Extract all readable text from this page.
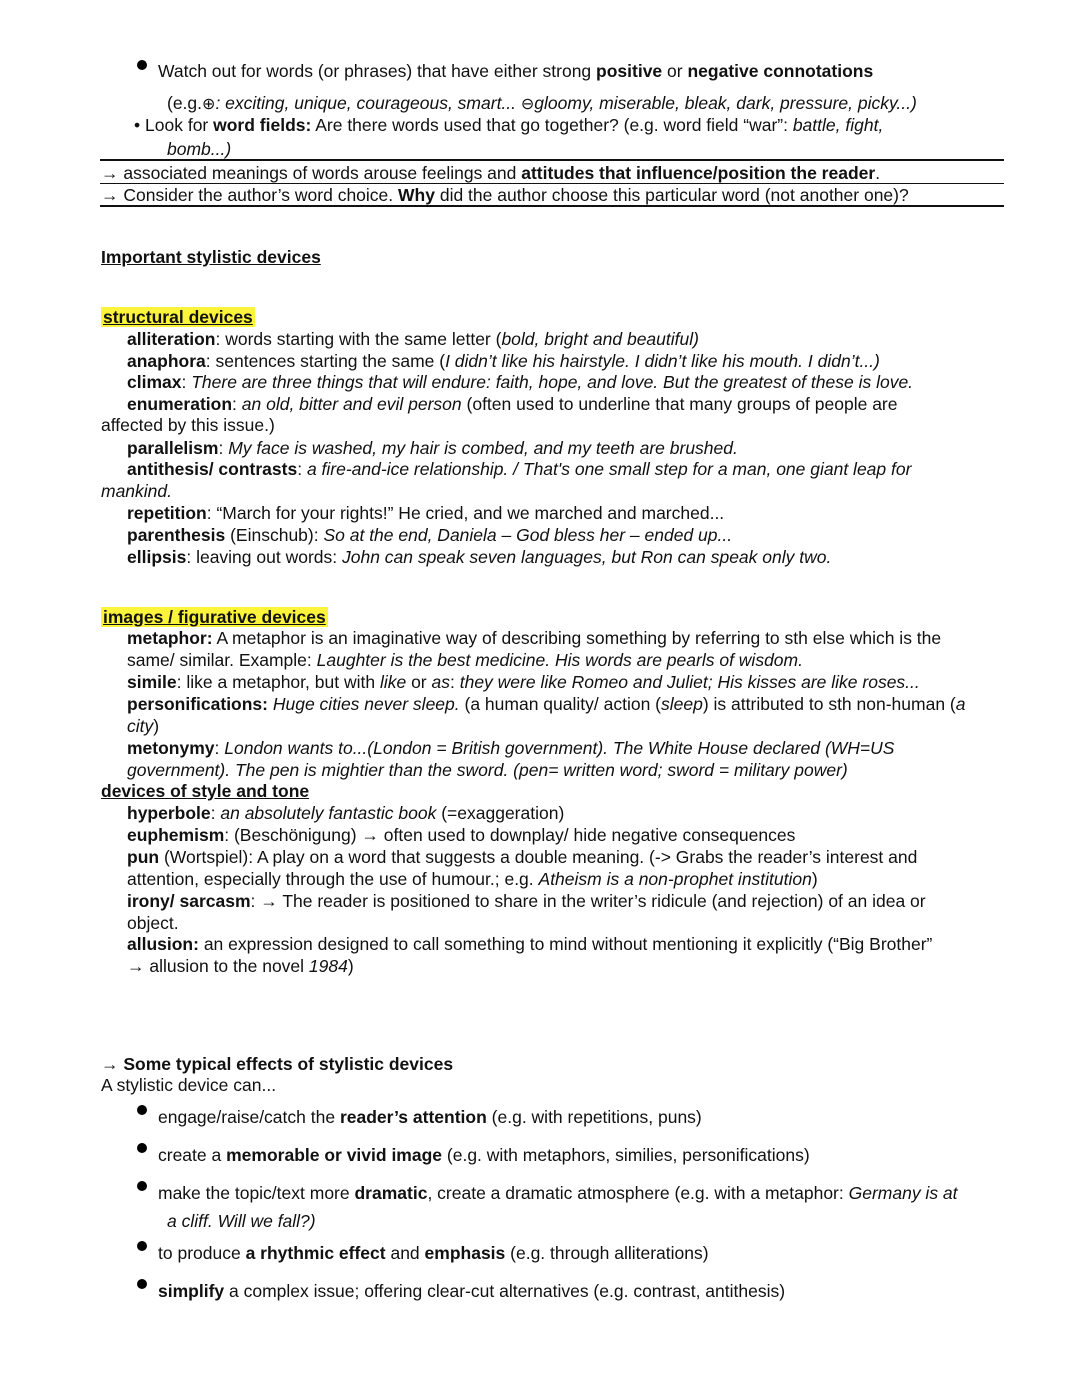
Watch out for words (or phrases) that have either strong positive or negative connotations
(e.g.⊕: exciting, unique, courageous, smart... ⊖gloomy, miserable, bleak, dark, pressure, picky...)
• Look for word fields: Are there words used that go together? (e.g. word field “war”: battle, fight,
bomb...)
→ associated meanings of words arouse feelings and attitudes that influence/position the reader.
→ Consider the author’s word choice. Why did the author choose this particular word (not another one)?
Important stylistic devices
structural devices
alliteration: words starting with the same letter (bold, bright and beautiful)
anaphora: sentences starting the same (I didn’t like his hairstyle. I didn’t like his mouth. I didn’t...)
climax: There are three things that will endure: faith, hope, and love. But the greatest of these is love.
enumeration: an old, bitter and evil person (often used to underline that many groups of people are
affected by this issue.)
parallelism: My face is washed, my hair is combed, and my teeth are brushed.
antithesis/ contrasts: a fire-and-ice relationship. / That's one small step for a man, one giant leap for
mankind.
repetition: “March for your rights!” He cried, and we marched and marched...
parenthesis (Einschub): So at the end, Daniela – God bless her – ended up...
ellipsis: leaving out words: John can speak seven languages, but Ron can speak only two.
images / figurative devices
metaphor: A metaphor is an imaginative way of describing something by referring to sth else which is the
same/ similar. Example: Laughter is the best medicine. His words are pearls of wisdom.
simile: like a metaphor, but with like or as: they were like Romeo and Juliet; His kisses are like roses...
personifications: Huge cities never sleep. (a human quality/ action (sleep) is attributed to sth non-human (a
city)
metonymy: London wants to...(London = British government). The White House declared (WH=US
government). The pen is mightier than the sword. (pen= written word; sword = military power)
devices of style and tone
hyperbole: an absolutely fantastic book (=exaggeration)
euphemism: (Beschönigung) → often used to downplay/ hide negative consequences
pun (Wortspiel): A play on a word that suggests a double meaning. (-> Grabs the reader’s interest and
attention, especially through the use of humour.; e.g. Atheism is a non-prophet institution)
irony/ sarcasm: → The reader is positioned to share in the writer’s ridicule (and rejection) of an idea or
object.
allusion: an expression designed to call something to mind without mentioning it explicitly (“Big Brother”
→ allusion to the novel 1984)
→ Some typical effects of stylistic devices
A stylistic device can...
engage/raise/catch the reader’s attention (e.g. with repetitions, puns)
create a memorable or vivid image (e.g. with metaphors, similies, personifications)
make the topic/text more dramatic, create a dramatic atmosphere (e.g. with a metaphor: Germany is at
a cliff. Will we fall?)
to produce a rhythmic effect and emphasis (e.g. through alliterations)
simplify a complex issue; offering clear-cut alternatives (e.g. contrast, antithesis)
